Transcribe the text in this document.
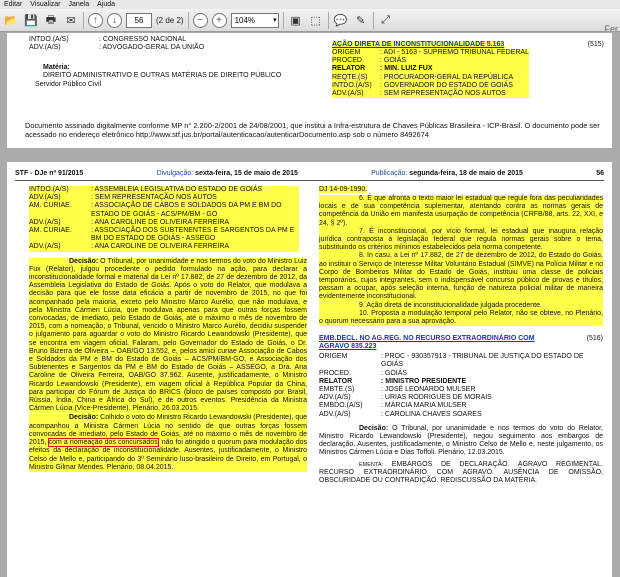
Editar Visualizar Janela Ajuda
📂 💾 🖶 ✉	↑	↓	56	(2 de 2)	−	+	104%	▾ ▣ ⬚ 💬 ✎	⤢
Fer
INTDO.(A/S)	: CONGRESSO NACIONAL
ADV.(A/S)	: ADVOGADO-GERAL DA UNIÃO
Matéria:
DIREITO ADMINISTRATIVO E OUTRAS MATÉRIAS DE DIREITO PÚBLICO
Servidor Público Civil
AÇÃO DIRETA DE INCONSTITUCIONALIDADE 5.163	(515)
ORIGEM	: ADI - 5163 - SUPREMO TRIBUNAL FEDERAL
PROCED.	: GOIÁS
RELATOR	: MIN. LUIZ FUX
REQTE.(S)	: PROCURADOR-GERAL DA REPÚBLICA
INTDO.(A/S)	: GOVERNADOR DO ESTADO DE GOIÁS
ADV.(A/S)	: SEM REPRESENTAÇÃO NOS AUTOS
Documento assinado digitalmente conforme MP n° 2.200-2/2001 de 24/08/2001, que institui a Infra-estrutura de Chaves Públicas Brasileira - ICP-Brasil. O documento pode ser acessado no endereço eletrônico http://www.stf.jus.br/portal/autenticacao/autenticarDocumento.asp sob o número 8492674
STF - DJe nº 91/2015	Divulgação: sexta-feira, 15 de maio de 2015	Publicação: segunda-feira, 18 de maio de 2015	56
INTDO.(A/S)	: ASSEMBLEIA LEGISLATIVA DO ESTADO DE GOIÁS
ADV.(A/S)	: SEM REPRESENTAÇÃO NOS AUTOS
AM. CURIAE.	: ASSOCIAÇÃO DE CABOS E SOLDADOS DA PM E BM DO ESTADO DE GOIÁS - ACS/PM/BM - GO
ADV.(A/S)	: ANA CAROLINE DE OLIVEIRA FERREIRA
AM. CURIAE.	: ASSOCIAÇÃO DOS SUBTENENTES E SARGENTOS DA PM E BM DO ESTADO DE GOIÁS - ASSEGO
ADV.(A/S)	: ANA CAROLINE DE OLIVEIRA FERREIRA
Decisão: O Tribunal, por unanimidade e nos termos do voto do Ministro Luiz Fux (Relator), julgou procedente o pedido formulado na ação, para declarar a inconstitucionalidade formal e material da Lei nº 17.882, de 27 de dezembro de 2012, da Assembleia Legislativa do Estado de Goiás. Após o voto do Relator, que modulava a decisão para que ele fosse data eficácia a partir de novembro de 2015, no que foi acompanhado pela maioria, exceto pelo Ministro Marco Aurélio, que não modulava, e pela Ministra Cármen Lúcia, que modulava apenas para que outras forças fossem convocadas, de imediato, pelo Estado de Goiás, até o máximo o mês de novembro de 2015, com a nomeação, o Tribunal, vencido o Ministro Marco Aurélio, decidiu suspender o julgamento para aguardar o voto do Ministro Ricardo Lewandowski (Presidente), que se encontra em viagem oficial. Falaram, pelo Governador do Estado de Goiás, o Dr. Bruno Bizerra de Oliveira – OAB/GO 13.552, e, pelos amici curiae Associação de Cabos e Soldados da PM e BM do Estado de Goiás – ACS/PM/BM-GO, e Associação dos Subtenentes e Sargentos da PM e BM do Estado de Goiás – ASSEGO, a Dra. Ana Caroline de Oliveira Ferreira, OAB/GO 37.962. Ausente, justificadamente, o Ministro Ricardo Lewandowski (Presidente), em viagem oficial à República Popular da China, para participar do Fórum de Justiça do BRICS (bloco de países composto por Brasil, Rússia, Índia, China e África do Sul), e de outros eventos. Presidência da Ministra Cármen Lúcia (Vice-Presidente). Plenário, 26.03.2015.
Decisão: Colhido o voto do Ministro Ricardo Lewandowski (Presidente), que acompanhou a Ministra Cármen Lúcia no sentido de que outras forças fossem convocadas de imediato, pelo Estado de Goiás, até no máximo o mês de novembro de 2015, com a nomeação dos concursados, não foi atingido o quorum para modulação dos efeitos da declaração de inconstitucionalidade. Ausentes, justificadamente, o Ministro Celso de Mello e, participando do 3º Seminário luso-brasileiro de Direito, em Portugal, o Ministro Gilmar Mendes. Plenário, 08.04.2015.
DJ 14-09-1990.
6. É que afronta o texto maior lei estadual que regule fora das peculiaridades locais e de sua competência suplementar, atentando contra as normas gerais de competência da União em manifesta usurpação de competência (CRFB/88, arts. 22, XXI, e 24, § 2º).
7. É inconstitucional, por vício formal, lei estadual que inaugura relação jurídica contraposta à legislação federal que regula normas gerais sobre o tema, substituindo os critérios mínimos estabelecidos pela norma competente.
8. In casu, a Lei nº 17.882, de 27 de dezembro de 2012, do Estado do Goiás, ao instituir o Serviço de Interesse Militar Voluntário Estadual (SIMVE) na Polícia Militar e no Corpo de Bombeiros Militar do Estado de Goiás, instituiu uma classe de policiais temporários, cujos integrantes, sem o indispensável concurso público de provas e títulos, passam a ocupar, após seleção interna, função de natureza policial militar de maneira evidentemente inconstitucional.
9. Ação direta de inconstitucionalidade julgada procedente.
10. Proposta a modulação temporal pelo Relator, não se obteve, no Plenário, o quorum necessário para a sua aprovação.
EMB.DECL. NO AG.REG. NO RECURSO EXTRAORDINÁRIO COM AGRAVO 835.223
(516)
ORIGEM	: PROC - 930357913 - TRIBUNAL DE JUSTIÇA DO ESTADO DE GOIÁS
PROCED.	: GOIÁS
RELATOR	: MINISTRO PRESIDENTE
EMBTE.(S)	: JOSÉ LEONARDO MULSER
ADV.(A/S)	: URIAS RODRIGUES DE MORAIS
EMBDO.(A/S)	: MÁRCIA MARIA MULSER
ADV.(A/S)	: CAROLINA CHAVES SOARES
Decisão: O Tribunal, por unanimidade e nos termos do voto do Relator, Ministro Ricardo Lewandowski (Presidente), negou seguimento aos embargos de declaração. Ausentes, justificadamente, o Ministro Celso de Mello e, neste julgamento, os Ministros Cármen Lúcia e Dias Toffoli. Plenário, 12.03.2015.
EMENTA: EMBARGOS DE DECLARAÇÃO. AGRAVO REGIMENTAL. RECURSO EXTRAORDINÁRIO COM AGRAVO. AUSÊNCIA DE OMISSÃO, OBSCURIDADE OU CONTRADIÇÃO. REDISCUSSÃO DA MATÉRIA.
